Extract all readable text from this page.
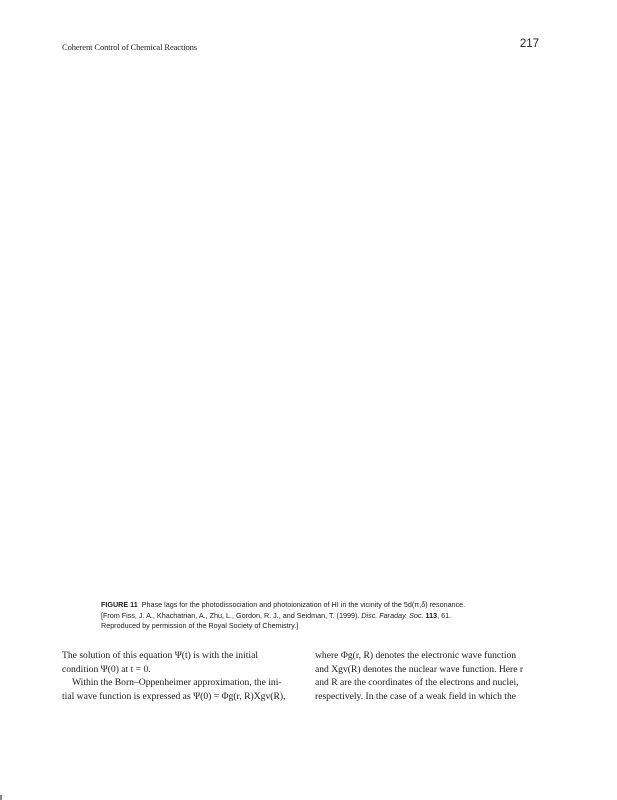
Coherent Control of Chemical Reactions	217
FIGURE 11 Phase lags for the photodissociation and photoionization of HI in the vicinity of the 5d(π,δ) resonance.
[From Fiss, J. A., Khachatrian, A., Zhu, L., Gordon, R. J., and Seidman, T. (1999). Disc. Faraday. Soc. 113, 61.
Reproduced by permission of the Royal Society of Chemistry.]
The solution of this equation Ψ(t) is with the initial
condition Ψ(0) at t = 0.
Within the Born–Oppenheimer approximation, the ini-
tial wave function is expressed as Ψ(0) = Φg(r, R)Xgv(R),
where Φg(r, R) denotes the electronic wave function
and Xgv(R) denotes the nuclear wave function. Here r
and R are the coordinates of the electrons and nuclei,
respectively. In the case of a weak field in which the
